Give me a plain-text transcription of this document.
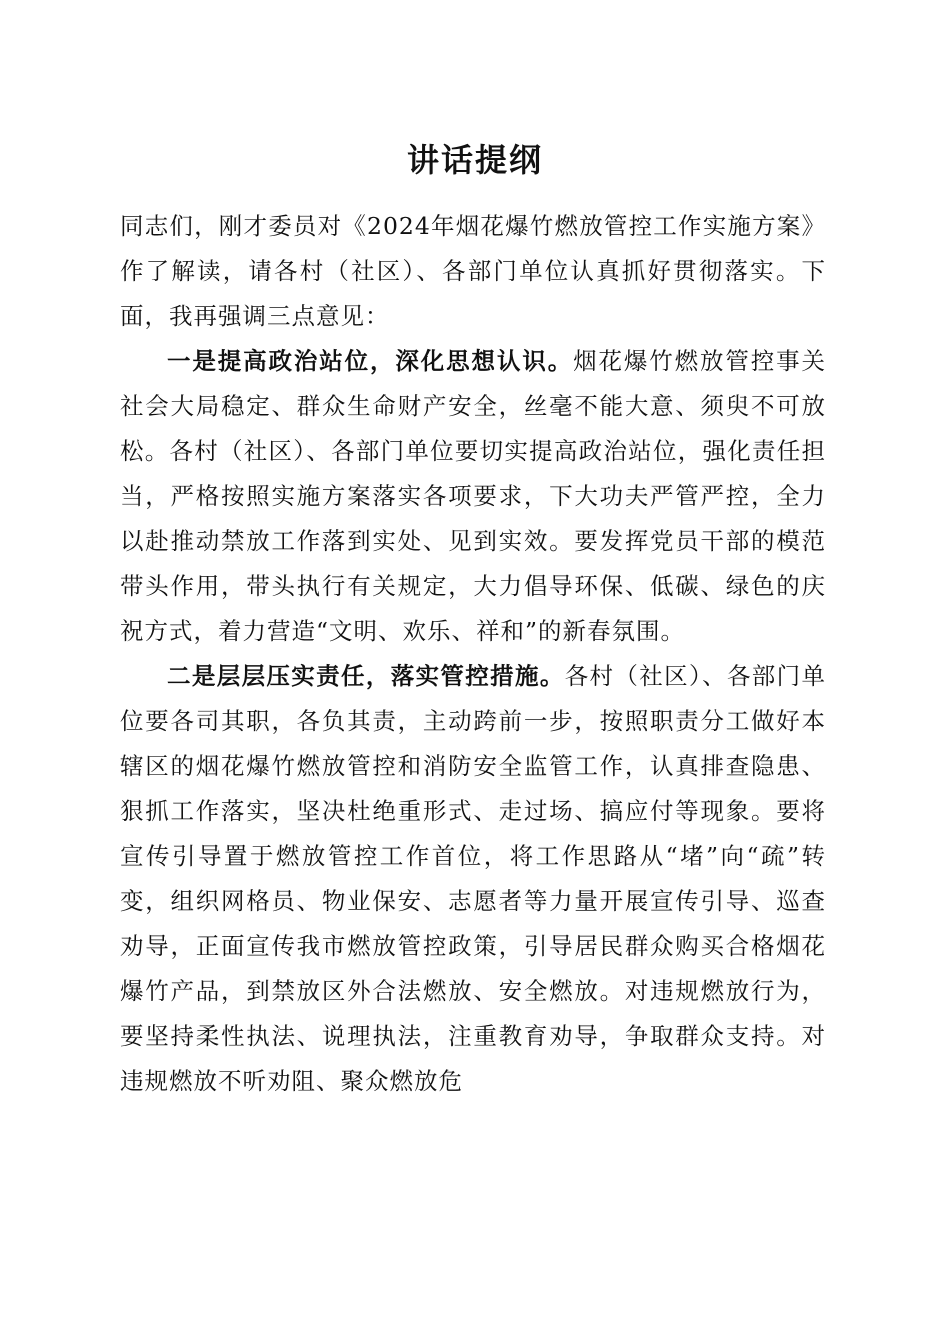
讲话提纲

同志们，刚才委员对《2024年烟花爆竹燃放管控工作实施方案》作了解读，请各村（社区）、各部门单位认真抓好贯彻落实。下面，我再强调三点意见：

一是提高政治站位，深化思想认识。烟花爆竹燃放管控事关社会大局稳定、群众生命财产安全，丝毫不能大意、须臾不可放松。各村（社区）、各部门单位要切实提高政治站位，强化责任担当，严格按照实施方案落实各项要求，下大功夫严管严控，全力以赴推动禁放工作落到实处、见到实效。要发挥党员干部的模范带头作用，带头执行有关规定，大力倡导环保、低碳、绿色的庆祝方式，着力营造“文明、欢乐、祥和”的新春氛围。

二是层层压实责任，落实管控措施。各村（社区）、各部门单位要各司其职，各负其责，主动跨前一步，按照职责分工做好本辖区的烟花爆竹燃放管控和消防安全监管工作，认真排查隐患、狠抓工作落实，坚决杜绝重形式、走过场、搞应付等现象。要将宣传引导置于燃放管控工作首位，将工作思路从“堵”向“疏”转变，组织网格员、物业保安、志愿者等力量开展宣传引导、巡查劝导，正面宣传我市燃放管控政策，引导居民群众购买合格烟花爆竹产品，到禁放区外合法燃放、安全燃放。对违规燃放行为，要坚持柔性执法、说理执法，注重教育劝导，争取群众支持。对违规燃放不听劝阻、聚众燃放危
